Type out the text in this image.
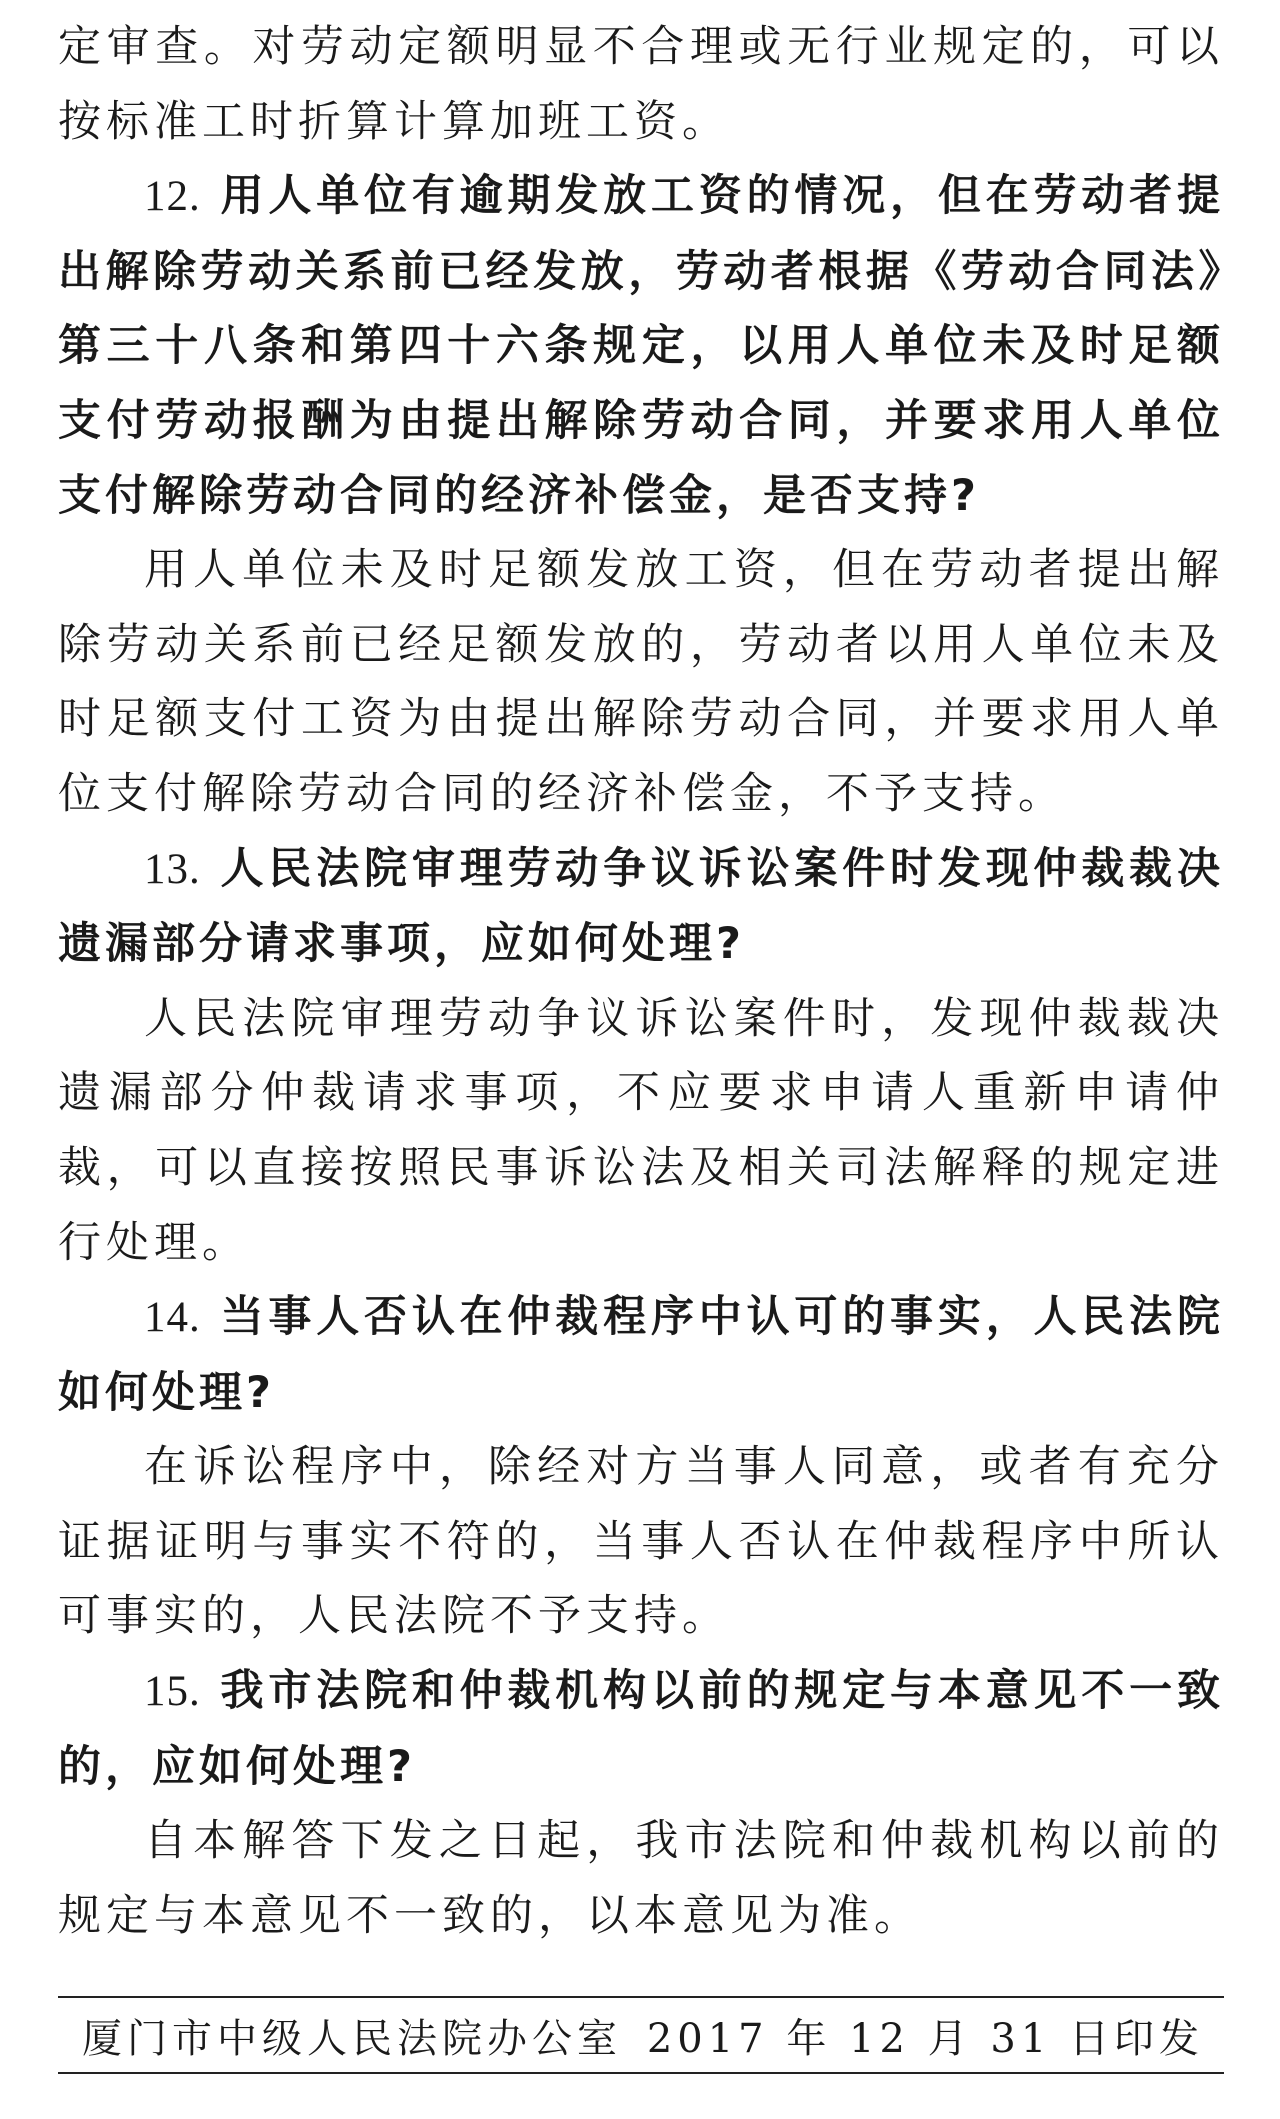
定审查。对劳动定额明显不合理或无行业规定的，可以按标准工时折算计算加班工资。

12. 用人单位有逾期发放工资的情况，但在劳动者提出解除劳动关系前已经发放，劳动者根据《劳动合同法》第三十八条和第四十六条规定，以用人单位未及时足额支付劳动报酬为由提出解除劳动合同，并要求用人单位支付解除劳动合同的经济补偿金，是否支持?

用人单位未及时足额发放工资，但在劳动者提出解除劳动关系前已经足额发放的，劳动者以用人单位未及时足额支付工资为由提出解除劳动合同，并要求用人单位支付解除劳动合同的经济补偿金，不予支持。

13. 人民法院审理劳动争议诉讼案件时发现仲裁裁决遗漏部分请求事项，应如何处理?

人民法院审理劳动争议诉讼案件时，发现仲裁裁决遗漏部分仲裁请求事项，不应要求申请人重新申请仲裁，可以直接按照民事诉讼法及相关司法解释的规定进行处理。

14. 当事人否认在仲裁程序中认可的事实，人民法院如何处理?

在诉讼程序中，除经对方当事人同意，或者有充分证据证明与事实不符的，当事人否认在仲裁程序中所认可事实的，人民法院不予支持。

15. 我市法院和仲裁机构以前的规定与本意见不一致的，应如何处理?

自本解答下发之日起，我市法院和仲裁机构以前的规定与本意见不一致的，以本意见为准。

厦门市中级人民法院办公室 2017 年 12 月 31 日印发
